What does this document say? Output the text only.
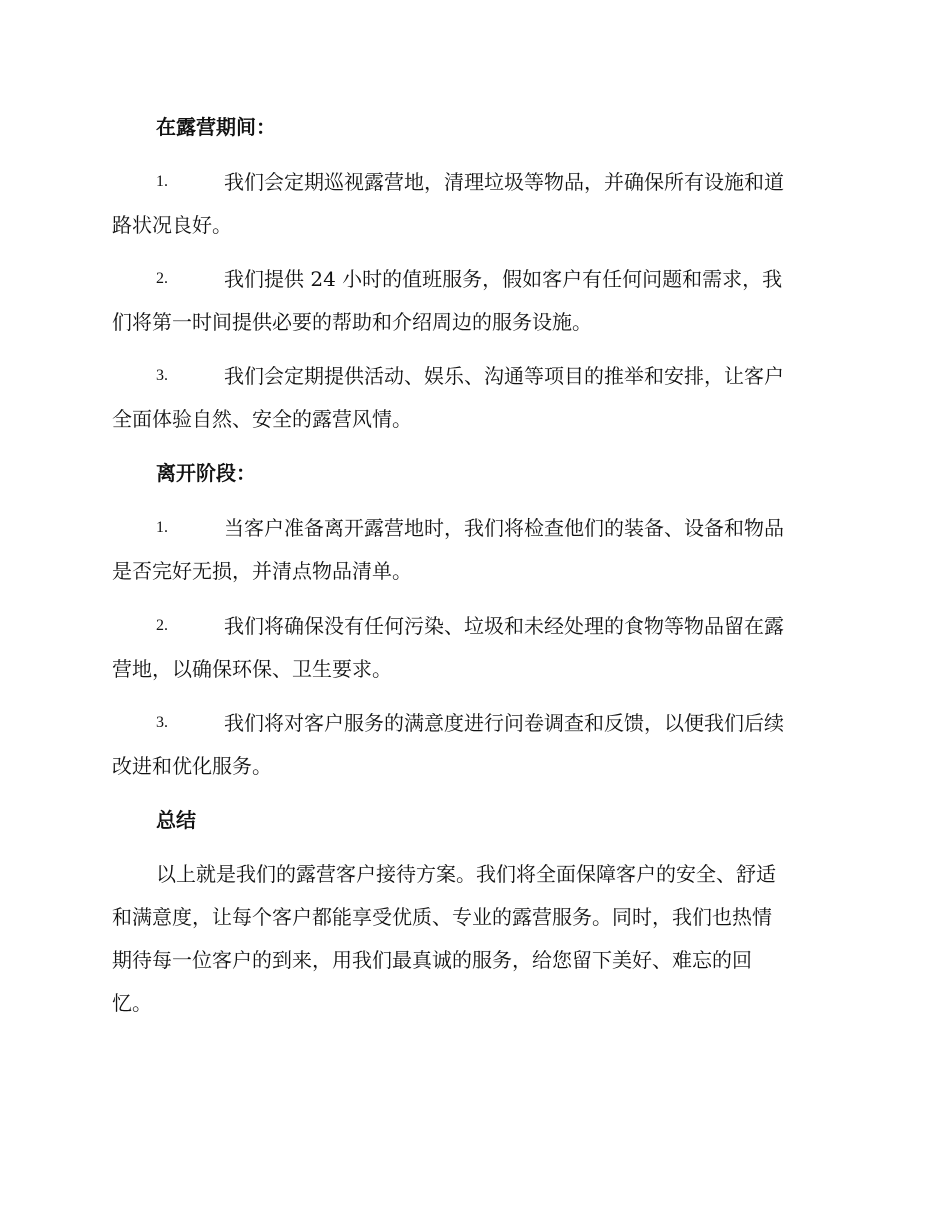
在露营期间：
1.	我们会定期巡视露营地，清理垃圾等物品，并确保所有设施和道
路状况良好。
2.	我们提供 24 小时的值班服务，假如客户有任何问题和需求，我
们将第一时间提供必要的帮助和介绍周边的服务设施。
3.	我们会定期提供活动、娱乐、沟通等项目的推举和安排，让客户
全面体验自然、安全的露营风情。
离开阶段：
1.	当客户准备离开露营地时，我们将检查他们的装备、设备和物品
是否完好无损，并清点物品清单。
2.	我们将确保没有任何污染、垃圾和未经处理的食物等物品留在露
营地，以确保环保、卫生要求。
3.	我们将对客户服务的满意度进行问卷调查和反馈，以便我们后续
改进和优化服务。
总结
以上就是我们的露营客户接待方案。我们将全面保障客户的安全、舒适
和满意度，让每个客户都能享受优质、专业的露营服务。同时，我们也热情
期待每一位客户的到来，用我们最真诚的服务，给您留下美好、难忘的回
忆。
